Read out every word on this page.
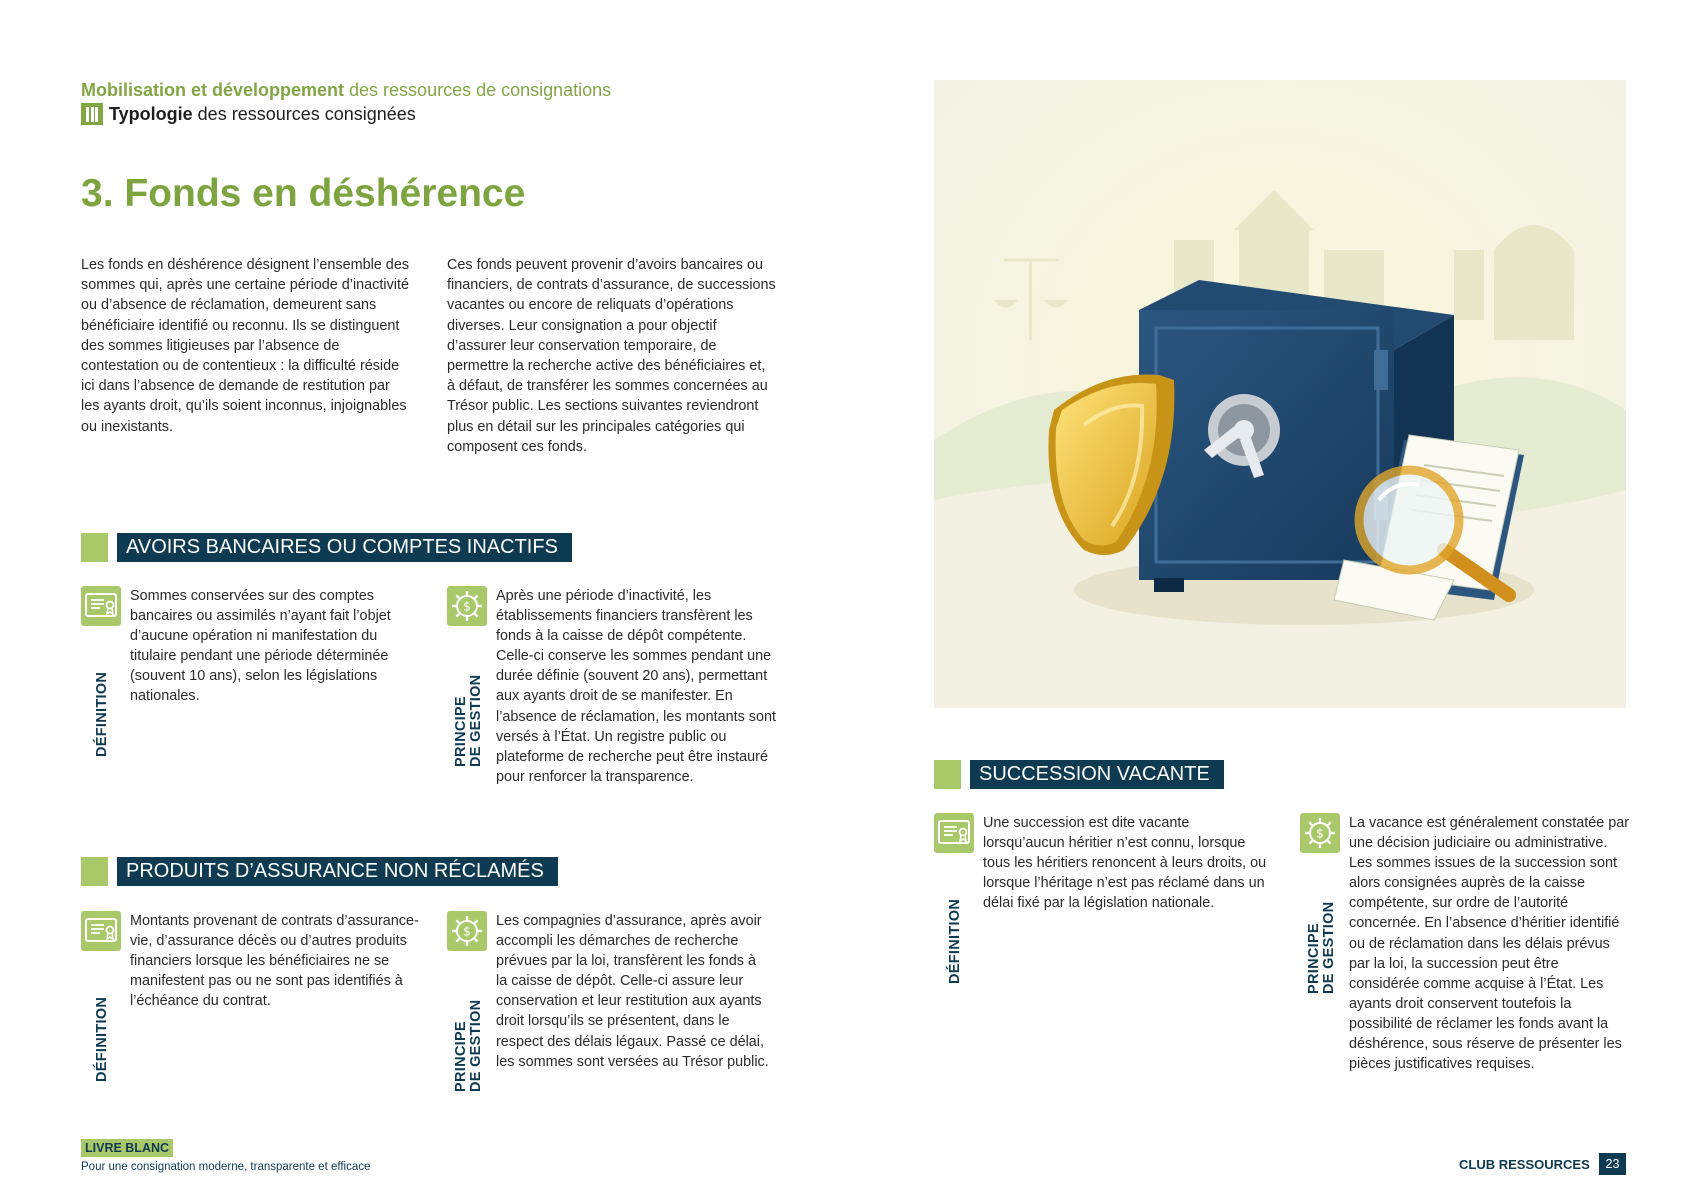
Mobilisation et développement des ressources de consignations
Typologie des ressources consignées
3. Fonds en déshérence

Les fonds en déshérence désignent l’ensemble des sommes qui, après une certaine période d’inactivité ou d’absence de réclamation, demeurent sans bénéficiaire identifié ou reconnu. Ils se distinguent des sommes litigieuses par l’absence de contestation ou de contentieux : la difficulté réside ici dans l’absence de demande de restitution par les ayants droit, qu’ils soient inconnus, injoignables ou inexistants.

Ces fonds peuvent provenir d’avoirs bancaires ou financiers, de contrats d’assurance, de successions vacantes ou encore de reliquats d’opérations diverses. Leur consignation a pour objectif d’assurer leur conservation temporaire, de permettre la recherche active des bénéficiaires et, à défaut, de transférer les sommes concernées au Trésor public. Les sections suivantes reviendront plus en détail sur les principales catégories qui composent ces fonds.

AVOIRS BANCAIRES OU COMPTES INACTIFS
DÉFINITION

Sommes conservées sur des comptes bancaires ou assimilés n’ayant fait l’objet d’aucune opération ni manifestation du titulaire pendant une période déterminée (souvent 10 ans), selon les législations nationales.

$
PRINCIPE DE GESTION

Après une période d’inactivité, les établissements financiers transfèrent les fonds à la caisse de dépôt compétente. Celle-ci conserve les sommes pendant une durée définie (souvent 20 ans), permettant aux ayants droit de se manifester. En l’absence de réclamation, les montants sont versés à l’État. Un registre public ou plateforme de recherche peut être instauré pour renforcer la transparence.

PRODUITS D’ASSURANCE NON RÉCLAMÉS
DÉFINITION

Montants provenant de contrats d’assurance-vie, d’assurance décès ou d’autres produits financiers lorsque les bénéficiaires ne se manifestent pas ou ne sont pas identifiés à l’échéance du contrat.

$
PRINCIPE DE GESTION

Les compagnies d’assurance, après avoir accompli les démarches de recherche prévues par la loi, transfèrent les fonds à la caisse de dépôt. Celle-ci assure leur conservation et leur restitution aux ayants droit lorsqu’ils se présentent, dans le respect des délais légaux. Passé ce délai, les sommes sont versées au Trésor public.

SUCCESSION VACANTE
DÉFINITION

Une succession est dite vacante lorsqu’aucun héritier n’est connu, lorsque tous les héritiers renoncent à leurs droits, ou lorsque l’héritage n’est pas réclamé dans un délai fixé par la législation nationale.

$
PRINCIPE DE GESTION

La vacance est généralement constatée par une décision judiciaire ou administrative. Les sommes issues de la succession sont alors consignées auprès de la caisse compétente, sur ordre de l’autorité concernée. En l’absence d’héritier identifié ou de réclamation dans les délais prévus par la loi, la succession peut être considérée comme acquise à l’État. Les ayants droit conservent toutefois la possibilité de réclamer les fonds avant la déshérence, sous réserve de présenter les pièces justificatives requises.

LIVRE BLANC
Pour une consignation moderne, transparente et efficace	CLUB RESSOURCES	23
